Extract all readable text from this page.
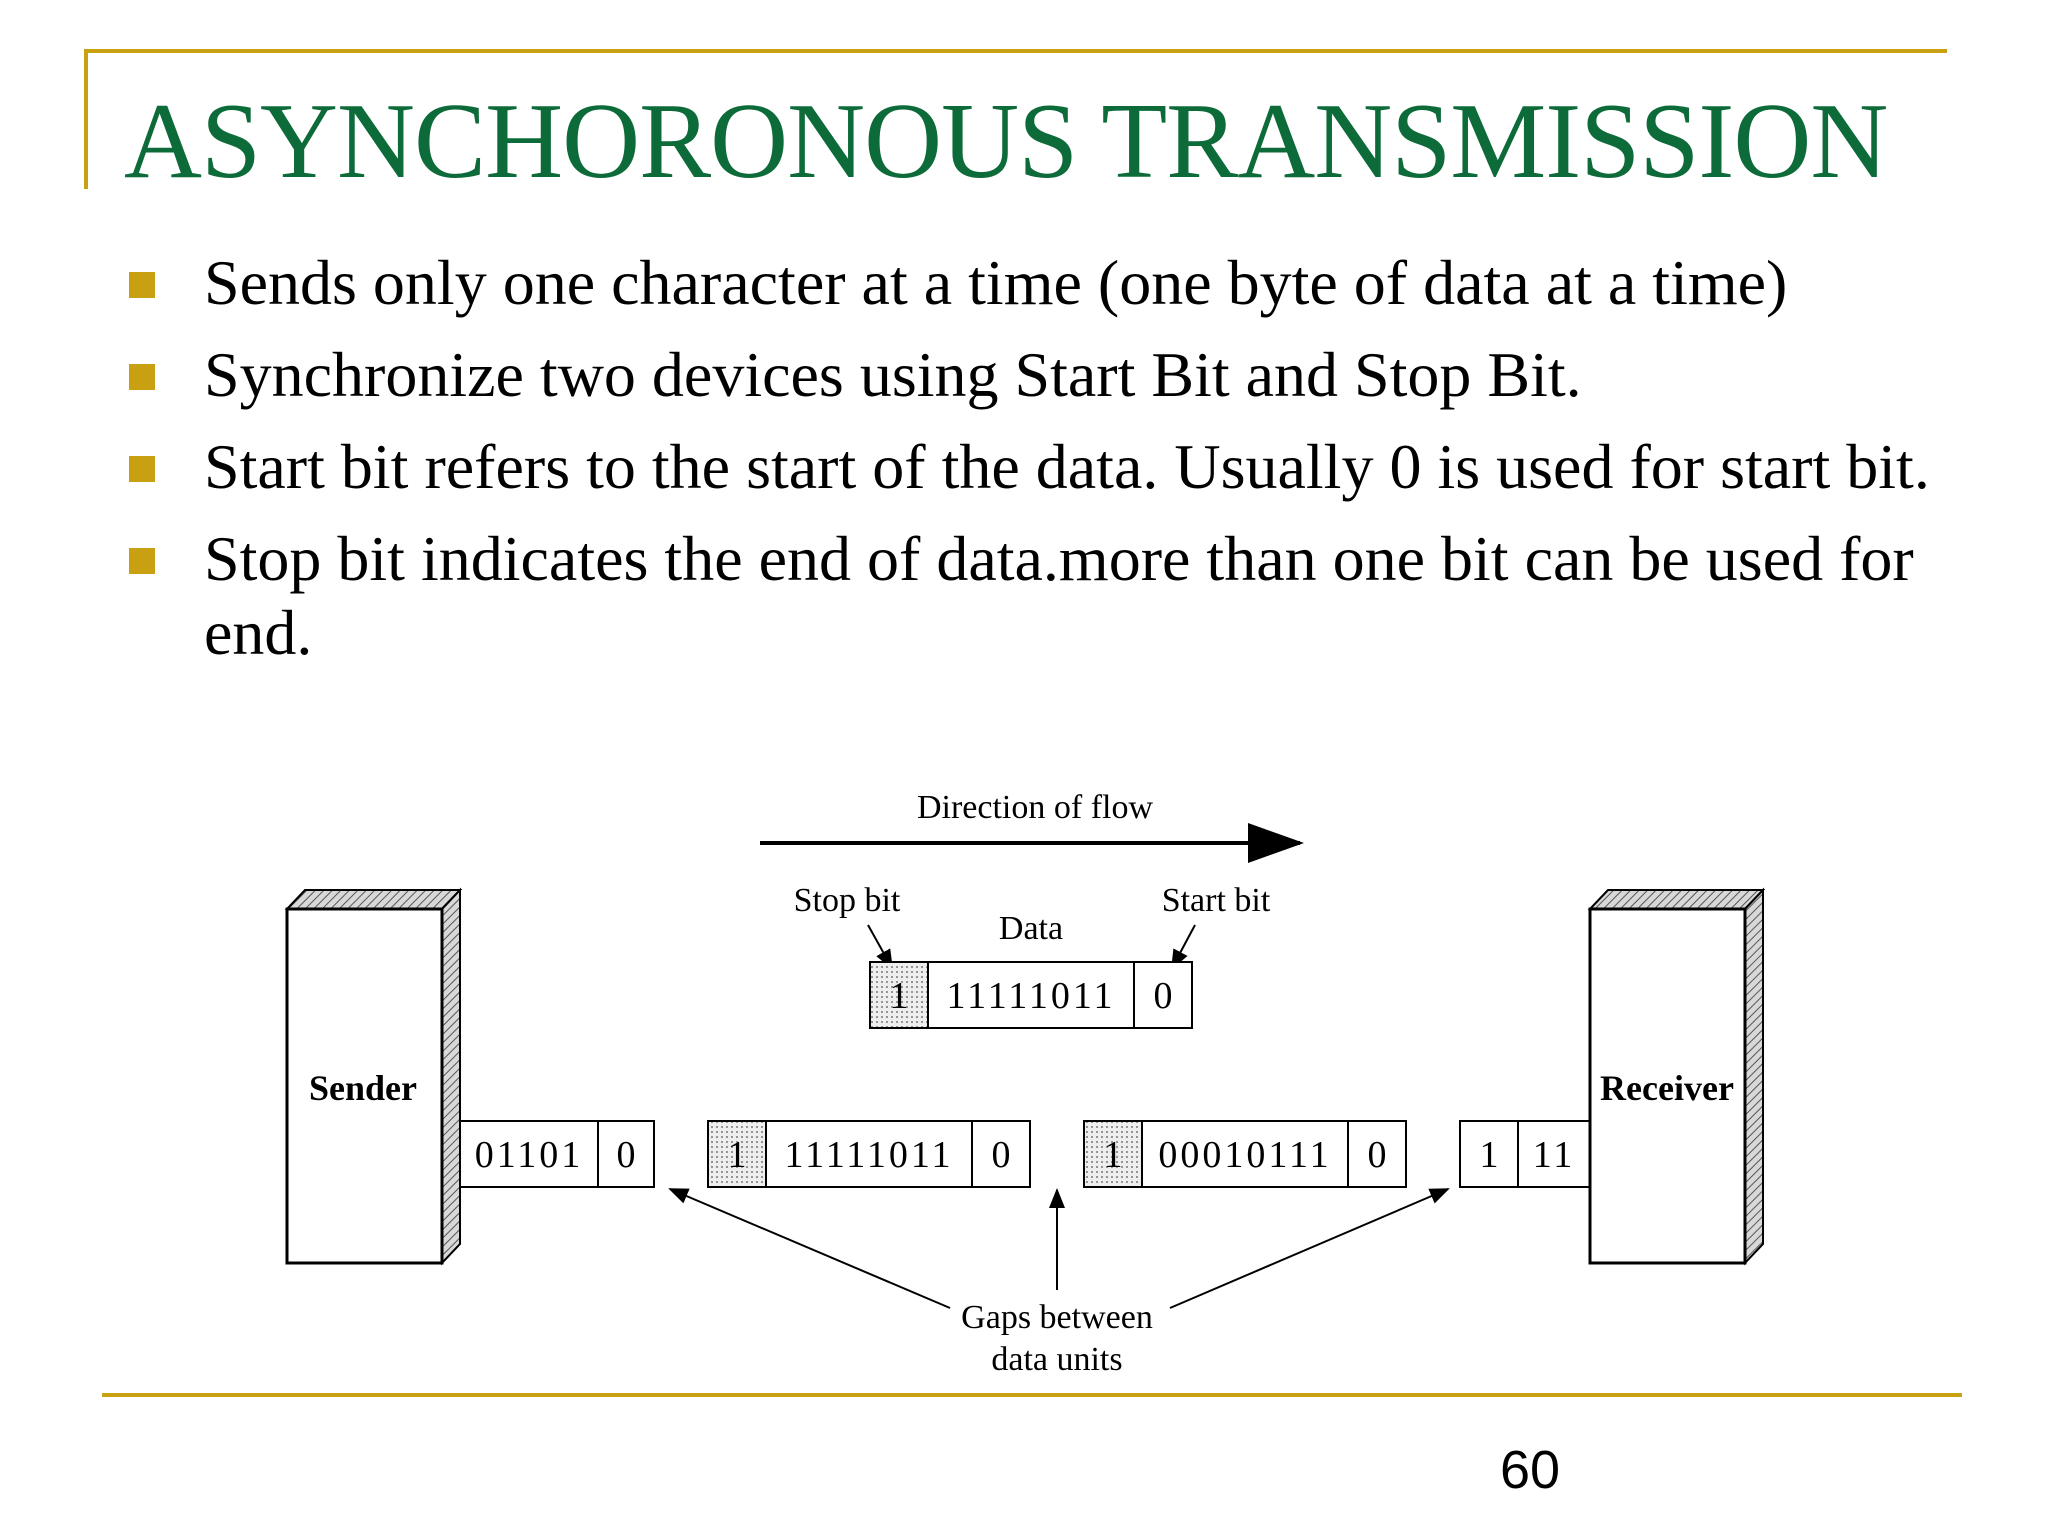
ASYNCHORONOUS TRANSMISSION
Sends only one character at a time (one byte of data at a time)
Synchronize two devices using Start Bit and Stop Bit.
Start bit refers to the start of the data. Usually 0 is used for start bit.
Stop bit indicates the end of data.more than one bit can be used for end.
Direction of flow
Stop bit
Data
Start bit
1 11111011 0
Sender
01101 0 1 11111011 0 1 00010111 0 1 11
Receiver
Gaps between
data units
60
